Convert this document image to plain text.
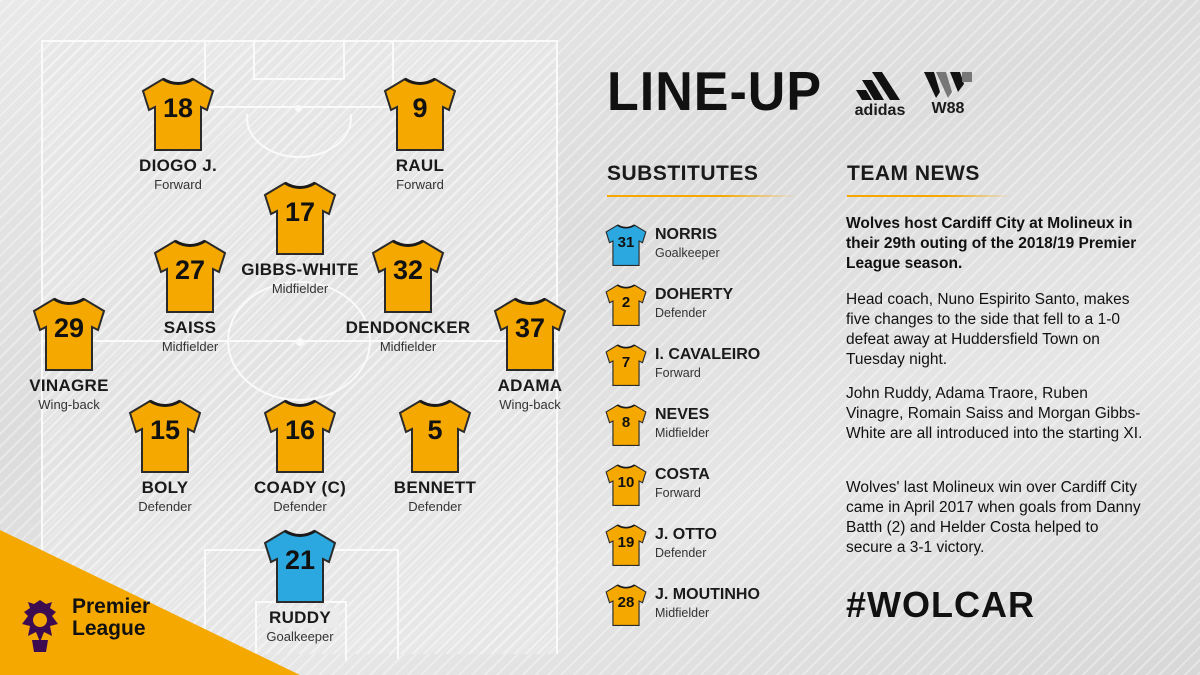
18
DIOGO J.
Forward
9
RAUL
Forward
17
GIBBS-WHITE
Midfielder
27
SAISS
Midfielder
32
DENDONCKER
Midfielder
29
VINAGRE
Wing-back
37
ADAMA
Wing-back
15
BOLY
Defender
16
COADY (C)
Defender
5
BENNETT
Defender
21
RUDDY
Goalkeeper
Premier
League
LINE-UP	adidas	W88
SUBSTITUTES
31	NORRIS
Goalkeeper
2	DOHERTY
Defender
7	I. CAVALEIRO
Forward
8	NEVES
Midfielder
10	COSTA
Forward
19	J. OTTO
Defender
28	J. MOUTINHO
Midfielder
TEAM NEWS
Wolves host Cardiff City at Molineux in their 29th outing of the 2018/19 Premier League season.
Head coach, Nuno Espirito Santo, makes five changes to the side that fell to a 1-0 defeat away at Huddersfield Town on Tuesday night.
John Ruddy, Adama Traore, Ruben Vinagre, Romain Saiss and Morgan Gibbs-White are all introduced into the starting XI.
Wolves' last Molineux win over Cardiff City came in April 2017 when goals from Danny Batth (2) and Helder Costa helped to secure a 3-1 victory.
#WOLCAR
